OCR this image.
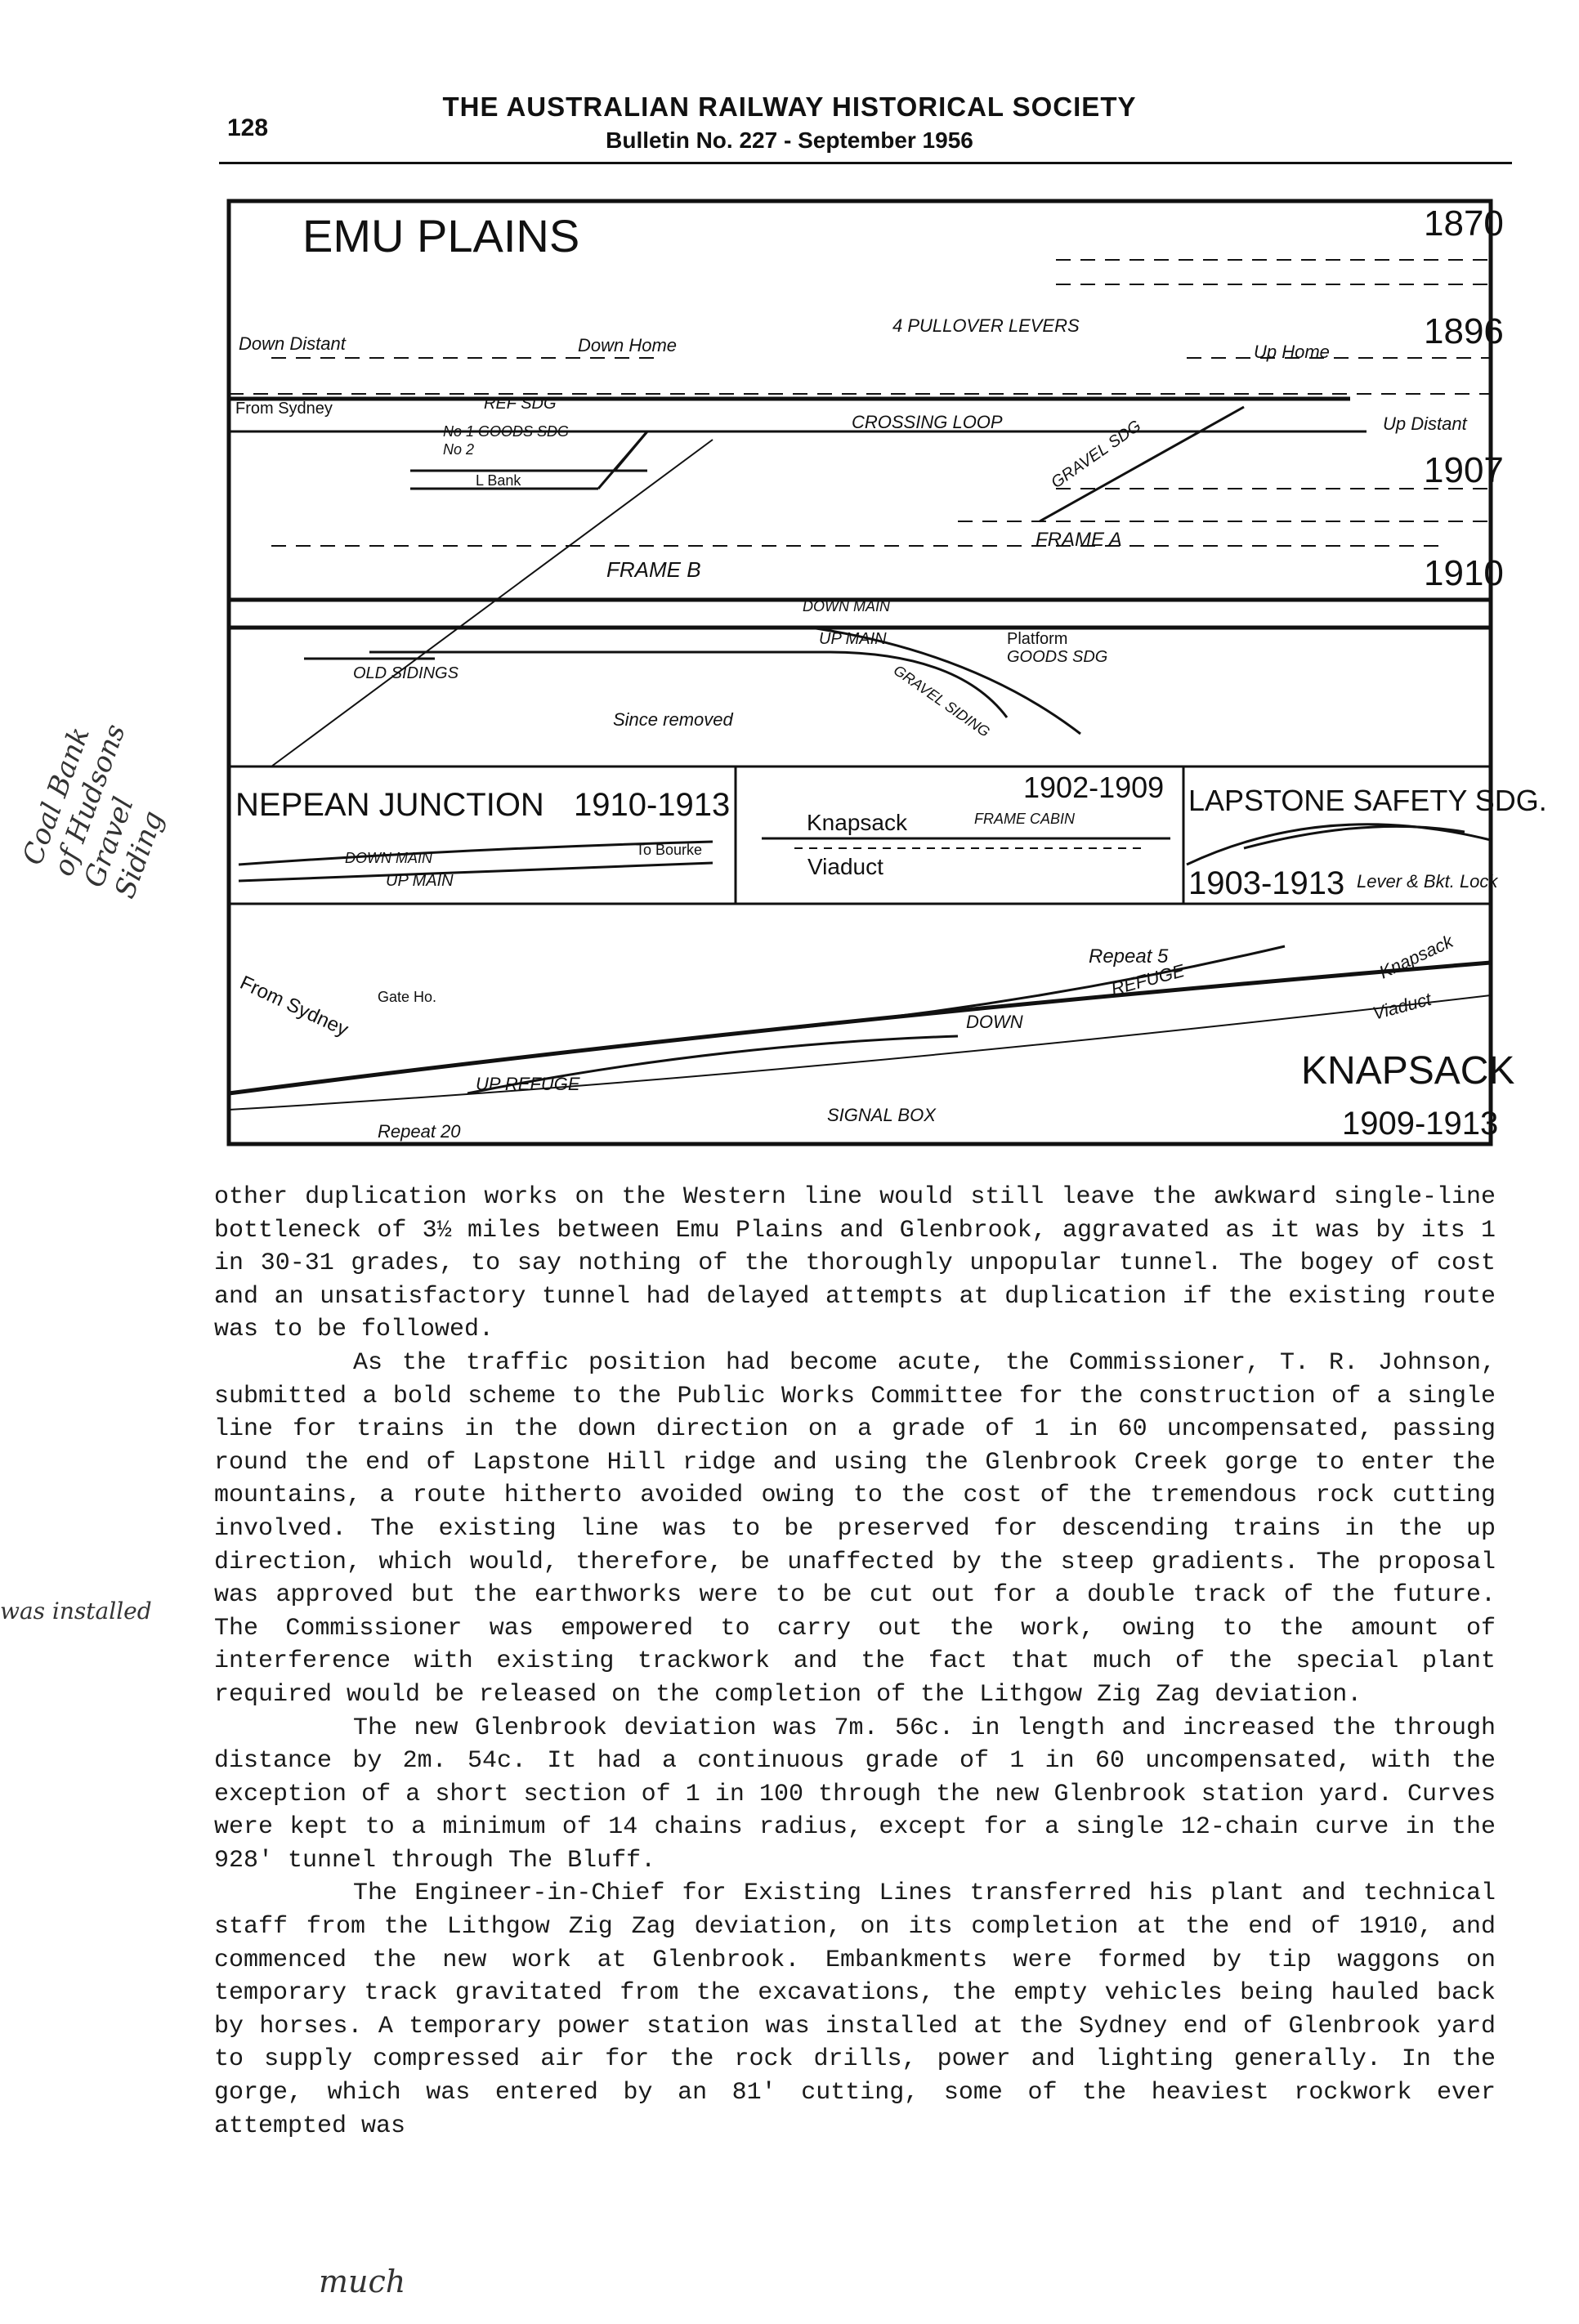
128
THE AUSTRALIAN RAILWAY HISTORICAL SOCIETY
Bulletin No. 227 - September 1956
EMU PLAINS	1870
1896
1907
1910
Down Distant	Down Home
4 PULLOVER LEVERS
Up Home
Up Distant
From Sydney	REF SDG
CROSSING LOOP
No 1 GOODS SDG
No 2
L Bank	GRAVEL SDG
FRAME A
FRAME B
DOWN MAIN
UP MAIN	Platform
GOODS SDG
OLD SIDINGS
Since removed	GRAVEL SIDING
NEPEAN JUNCTION 1910-1913
DOWN MAIN
UP MAIN
To Bourke
1902-1909
Knapsack	FRAME CABIN
Viaduct
LAPSTONE SAFETY SDG.
1903-1913 Lever & Bkt. Lock
KNAPSACK
1909-1913
From Sydney Gate Ho.
UP REFUGE
DOWN
REFUGE
Repeat 5
Repeat 20
SIGNAL BOX
Viaduct
Knapsack

other duplication works on the Western line would still leave the awkward single-line bottleneck of 3½ miles between Emu Plains and Glenbrook, aggravated as it was by its 1 in 30-31 grades, to say nothing of the thoroughly unpopular tunnel. The bogey of cost and an unsatisfactory tunnel had delayed attempts at duplication if the existing route was to be followed.

As the traffic position had become acute, the Commissioner, T. R. Johnson, submitted a bold scheme to the Public Works Committee for the construction of a single line for trains in the down direction on a grade of 1 in 60 uncompensated, passing round the end of Lapstone Hill ridge and using the Glenbrook Creek gorge to enter the mountains, a route hitherto avoided owing to the cost of the tremendous rock cutting involved. The existing line was to be preserved for descending trains in the up direction, which would, therefore, be unaffected by the steep gradients. The proposal was approved but the earthworks were to be cut out for a double track of the future. The Commissioner was empowered to carry out the work, owing to the amount of interference with existing trackwork and the fact that much of the special plant required would be released on the completion of the Lithgow Zig Zag deviation.

The new Glenbrook deviation was 7m. 56c. in length and increased the through distance by 2m. 54c. It had a continuous grade of 1 in 60 uncompensated, with the exception of a short section of 1 in 100 through the new Glenbrook station yard. Curves were kept to a minimum of 14 chains radius, except for a single 12-chain curve in the 928' tunnel through The Bluff.

The Engineer-in-Chief for Existing Lines transferred his plant and technical staff from the Lithgow Zig Zag deviation, on its completion at the end of 1910, and commenced the new work at Glenbrook. Embankments were formed by tip waggons on temporary track gravitated from the excavations, the empty vehicles being hauled back by horses. A temporary power station was installed at the Sydney end of Glenbrook yard to supply compressed air for the rock drills, power and lighting generally. In the gorge, which was entered by an 81' cutting, some of the heaviest rockwork ever attempted was

Coal Bank of Hudsons Gravel Siding
was installed
much
